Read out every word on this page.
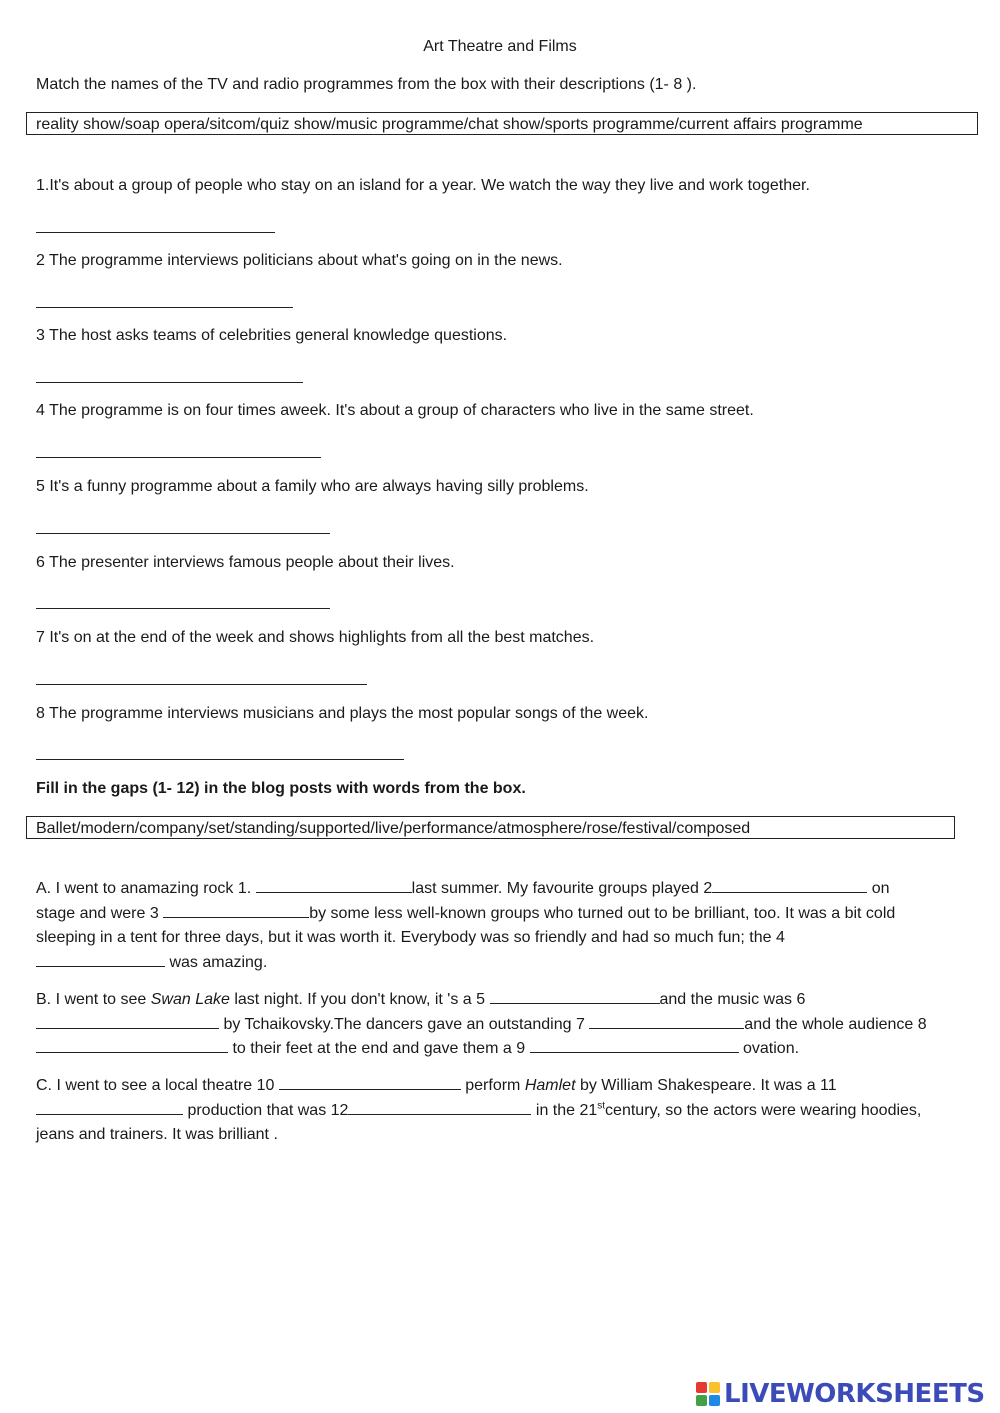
Art Theatre and Films
Match the names of the TV and radio programmes from the box with their descriptions (1- 8 ).
reality show/soap opera/sitcom/quiz show/music programme/chat show/sports programme/current affairs programme
1.It's about a group of people who stay on an island for a year. We watch the way they live and work together.
2 The programme interviews politicians about what's going on in the news.
3 The host asks teams of celebrities general knowledge questions.
4 The programme is on four times aweek. It's about a group of characters who live in the same street.
5 It's a funny programme about a family who are always having silly problems.
6 The presenter interviews famous people about their lives.
7 It's on at the end of the week and shows highlights from all the best matches.
8 The programme interviews musicians and plays the most popular songs of the week.
Fill in the gaps (1- 12) in the blog posts with words from the box.
Ballet/modern/company/set/standing/supported/live/performance/atmosphere/rose/festival/composed
A. I went to anamazing rock 1.	last summer. My favourite groups played 2	on
stage and were 3	by some less well-known groups who turned out to be brilliant, too. It was a bit cold
sleeping in a tent for three days, but it was worth it. Everybody was so friendly and had so much fun; the 4
was amazing.
B. I went to see Swan Lake last night. If you don't know, it 's a 5	and the music was 6
by Tchaikovsky.The dancers gave an outstanding 7	and the whole audience 8
to their feet at the end and gave them a 9	ovation.
C. I went to see a local theatre 10	perform Hamlet by William Shakespeare. It was a 11
production that was 12	in the 21stcentury, so the actors were wearing hoodies,
jeans and trainers. It was brilliant .
LIVEWORKSHEETS
